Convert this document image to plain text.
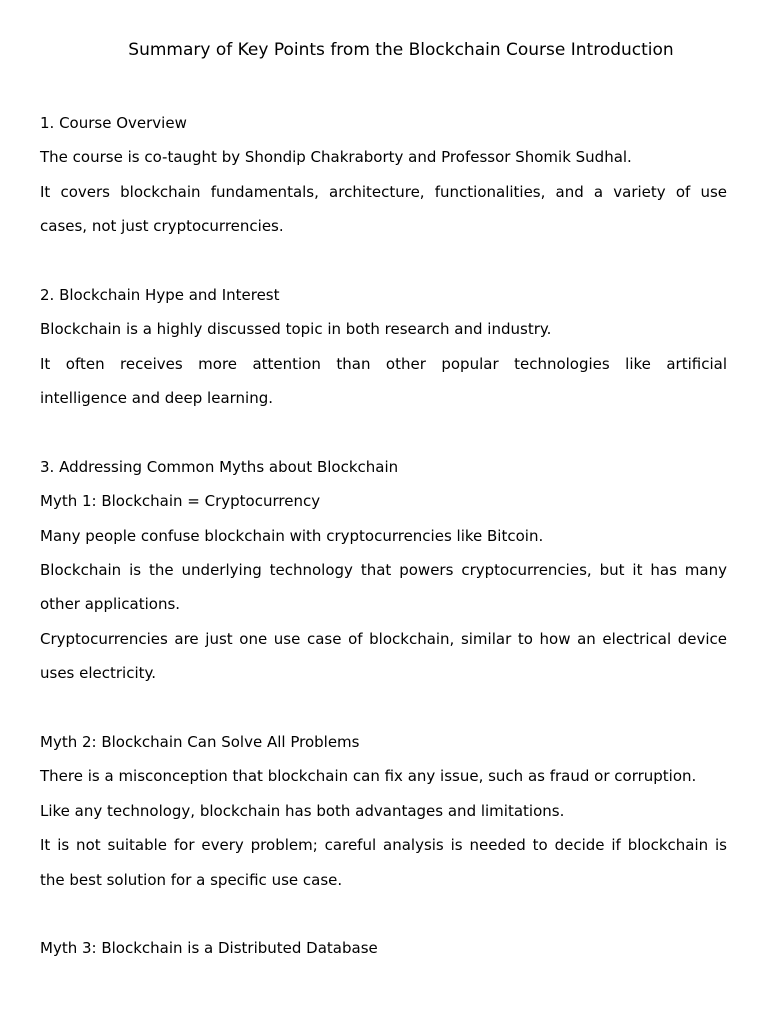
Summary of Key Points from the Blockchain Course Introduction
1. Course Overview
The course is co-taught by Shondip Chakraborty and Professor Shomik Sudhal.
It covers blockchain fundamentals, architecture, functionalities, and a variety of use
cases, not just cryptocurrencies.
2. Blockchain Hype and Interest
Blockchain is a highly discussed topic in both research and industry.
It often receives more attention than other popular technologies like artificial
intelligence and deep learning.
3. Addressing Common Myths about Blockchain
Myth 1: Blockchain = Cryptocurrency
Many people confuse blockchain with cryptocurrencies like Bitcoin.
Blockchain is the underlying technology that powers cryptocurrencies, but it has many
other applications.
Cryptocurrencies are just one use case of blockchain, similar to how an electrical device
uses electricity.
Myth 2: Blockchain Can Solve All Problems
There is a misconception that blockchain can fix any issue, such as fraud or corruption.
Like any technology, blockchain has both advantages and limitations.
It is not suitable for every problem; careful analysis is needed to decide if blockchain is
the best solution for a specific use case.
Myth 3: Blockchain is a Distributed Database
